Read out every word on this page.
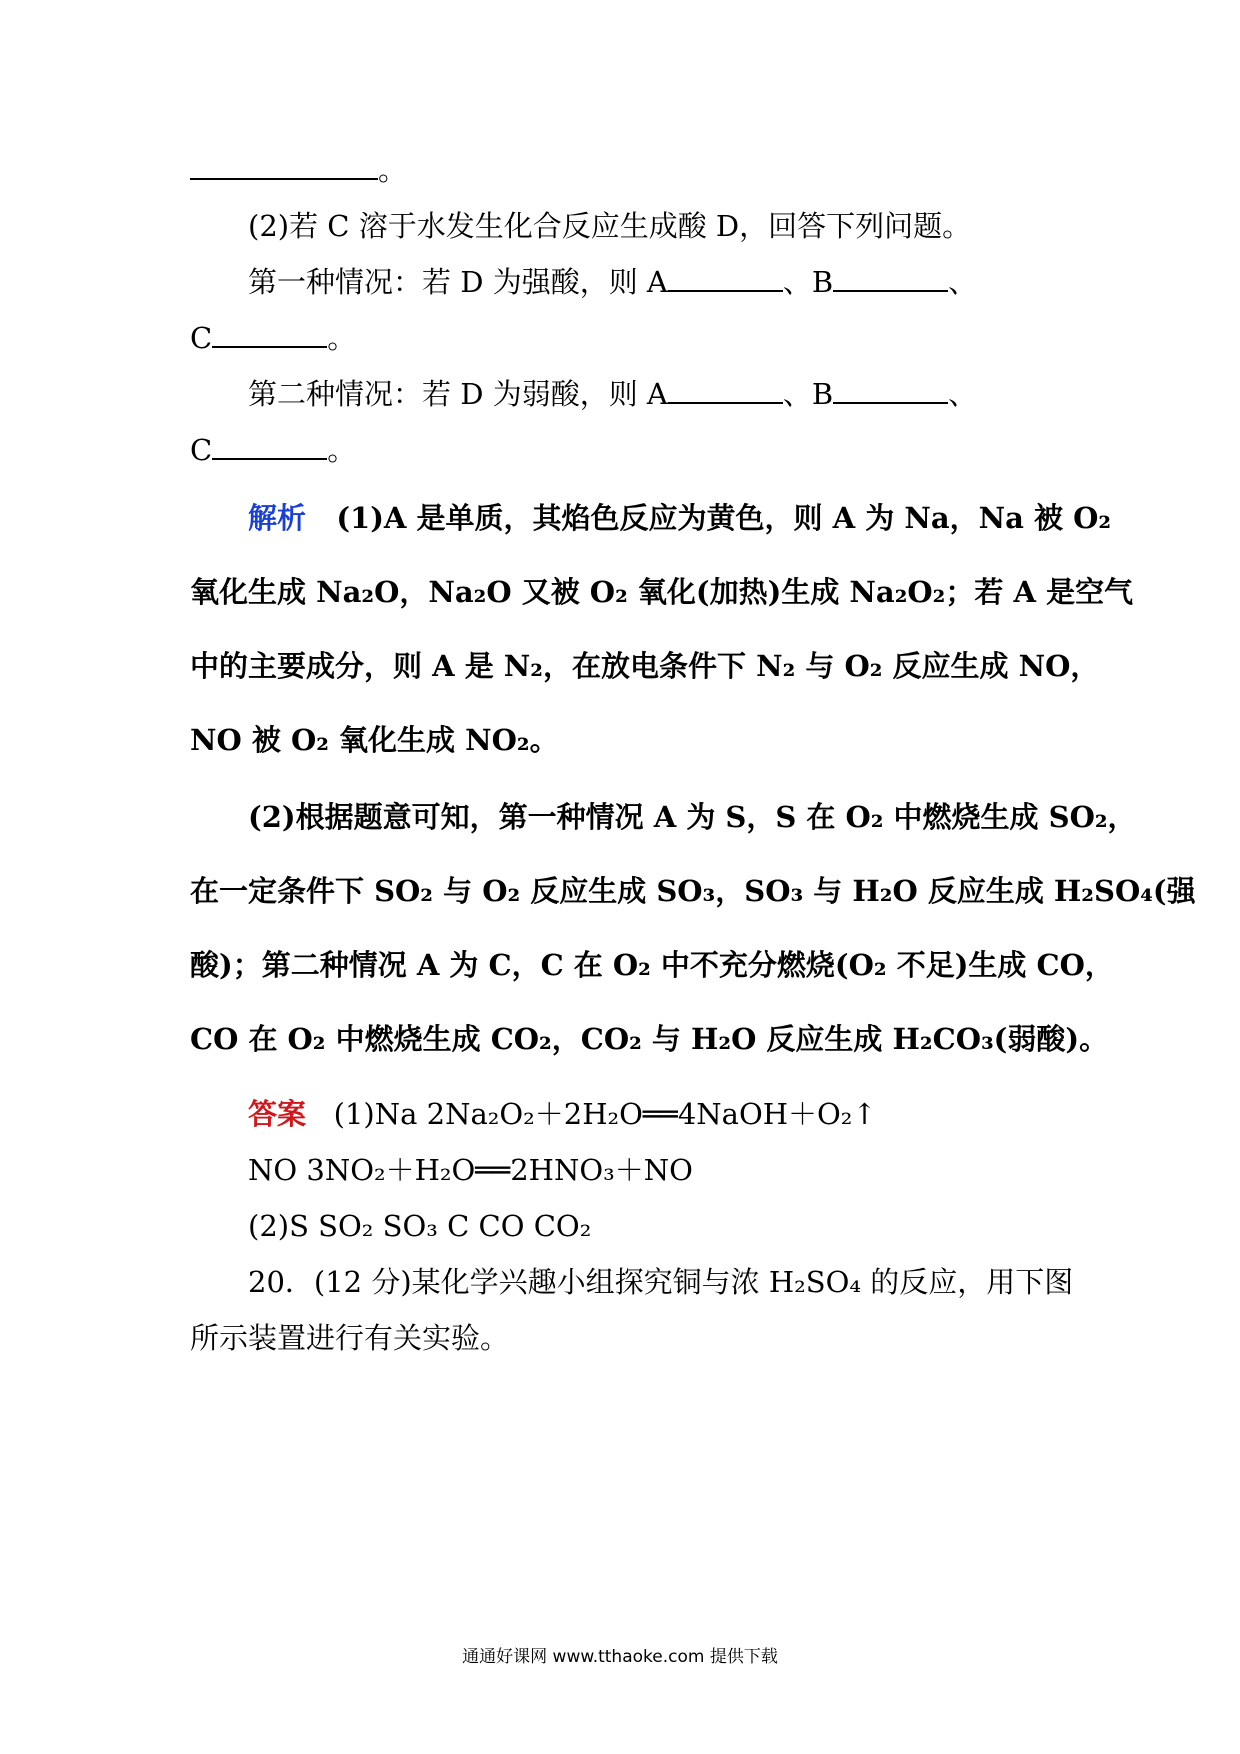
。
(2)若 C 溶于水发生化合反应生成酸 D，回答下列问题。
第一种情况：若 D 为强酸，则 A	、B	、
C	。
第二种情况：若 D 为弱酸，则 A	、B	、
C	。
解析 (1)A 是单质，其焰色反应为黄色，则 A 为 Na，Na 被 O₂
氧化生成 Na₂O，Na₂O 又被 O₂ 氧化(加热)生成 Na₂O₂；若 A 是空气
中的主要成分，则 A 是 N₂，在放电条件下 N₂ 与 O₂ 反应生成 NO，
NO 被 O₂ 氧化生成 NO₂。
(2)根据题意可知，第一种情况 A 为 S，S 在 O₂ 中燃烧生成 SO₂，
在一定条件下 SO₂ 与 O₂ 反应生成 SO₃，SO₃ 与 H₂O 反应生成 H₂SO₄(强
酸)；第二种情况 A 为 C，C 在 O₂ 中不充分燃烧(O₂ 不足)生成 CO，
CO 在 O₂ 中燃烧生成 CO₂，CO₂ 与 H₂O 反应生成 H₂CO₃(弱酸)。
答案 (1)Na 2Na₂O₂＋2H₂O══4NaOH＋O₂↑
NO 3NO₂＋H₂O══2HNO₃＋NO
(2)S SO₂ SO₃ C CO CO₂
20．(12 分)某化学兴趣小组探究铜与浓 H₂SO₄ 的反应，用下图
所示装置进行有关实验。
通通好课网 www.tthaoke.com 提供下载
